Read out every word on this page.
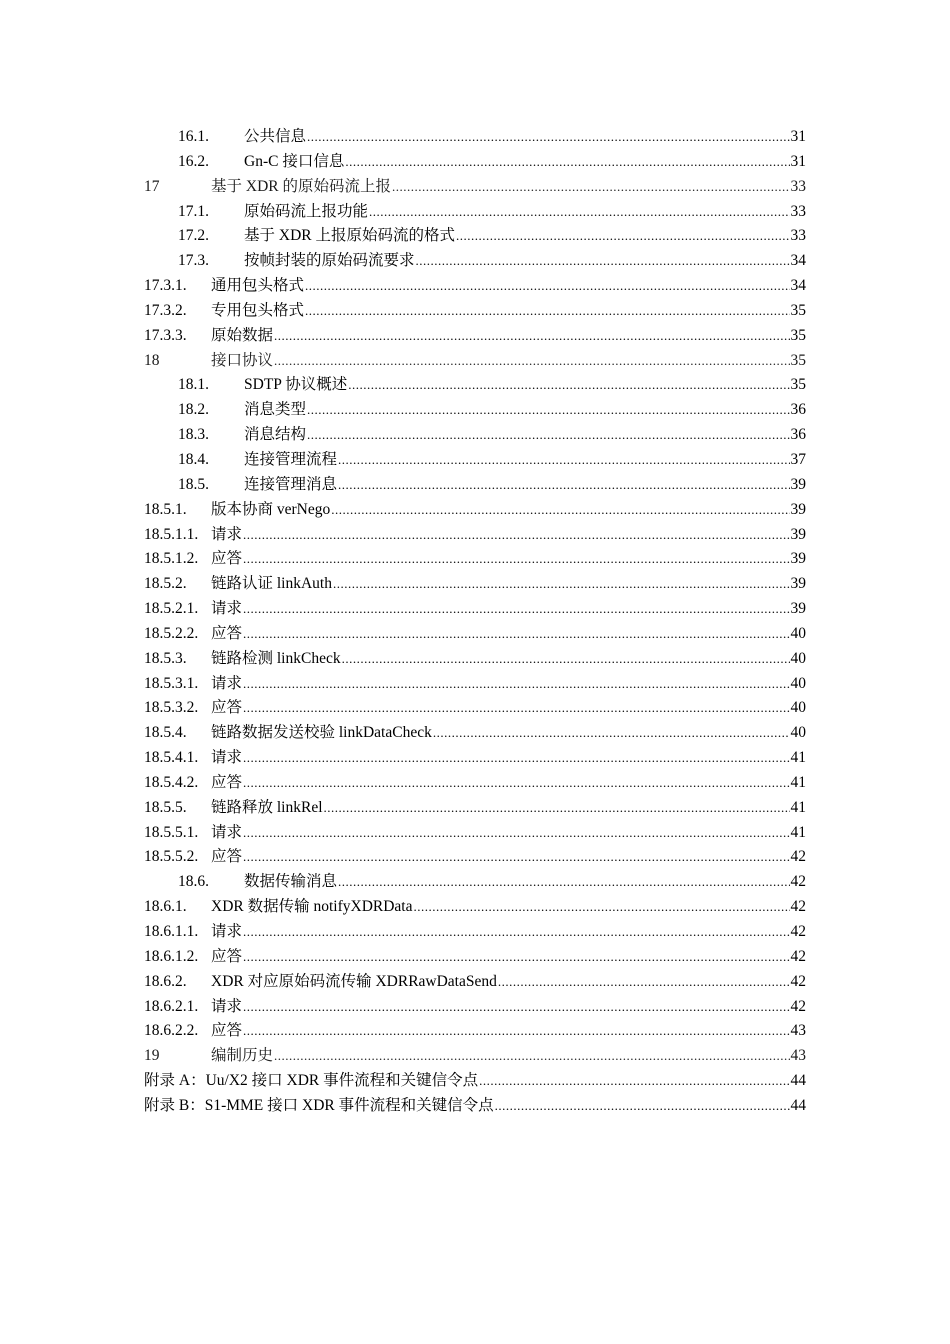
16.1. 公共信息 .....	31
16.2. Gn-C 接口信息 .....	31
17	基于 XDR 的原始码流上报 .....	33
17.1. 原始码流上报功能 .....	33
17.2. 基于 XDR 上报原始码流的格式 .....	33
17.3. 按帧封装的原始码流要求 .....	34
17.3.1. 通用包头格式 .....	34
17.3.2. 专用包头格式 .....	35
17.3.3. 原始数据 .....	35
18	接口协议 .....	35
18.1. SDTP 协议概述 .....	35
18.2. 消息类型 .....	36
18.3. 消息结构 .....	36
18.4. 连接管理流程 .....	37
18.5. 连接管理消息 .....	39
18.5.1. 版本协商 verNego .....	39
18.5.1.1. 请求 .....	39
18.5.1.2. 应答 .....	39
18.5.2. 链路认证 linkAuth .....	39
18.5.2.1. 请求 .....	39
18.5.2.2. 应答 .....	40
18.5.3. 链路检测 linkCheck .....	40
18.5.3.1. 请求 .....	40
18.5.3.2. 应答 .....	40
18.5.4. 链路数据发送校验 linkDataCheck .....	40
18.5.4.1. 请求 .....	41
18.5.4.2. 应答 .....	41
18.5.5. 链路释放 linkRel .....	41
18.5.5.1. 请求 .....	41
18.5.5.2. 应答 .....	42
18.6. 数据传输消息 .....	42
18.6.1. XDR 数据传输 notifyXDRData .....	42
18.6.1.1. 请求 .....	42
18.6.1.2. 应答 .....	42
18.6.2. XDR 对应原始码流传输 XDRRawDataSend .....	42
18.6.2.1. 请求 .....	42
18.6.2.2. 应答 .....	43
19	编制历史 .....	43
附录 A：Uu/X2 接口 XDR 事件流程和关键信令点 .....	44
附录 B：S1-MME 接口 XDR 事件流程和关键信令点 .....	44
